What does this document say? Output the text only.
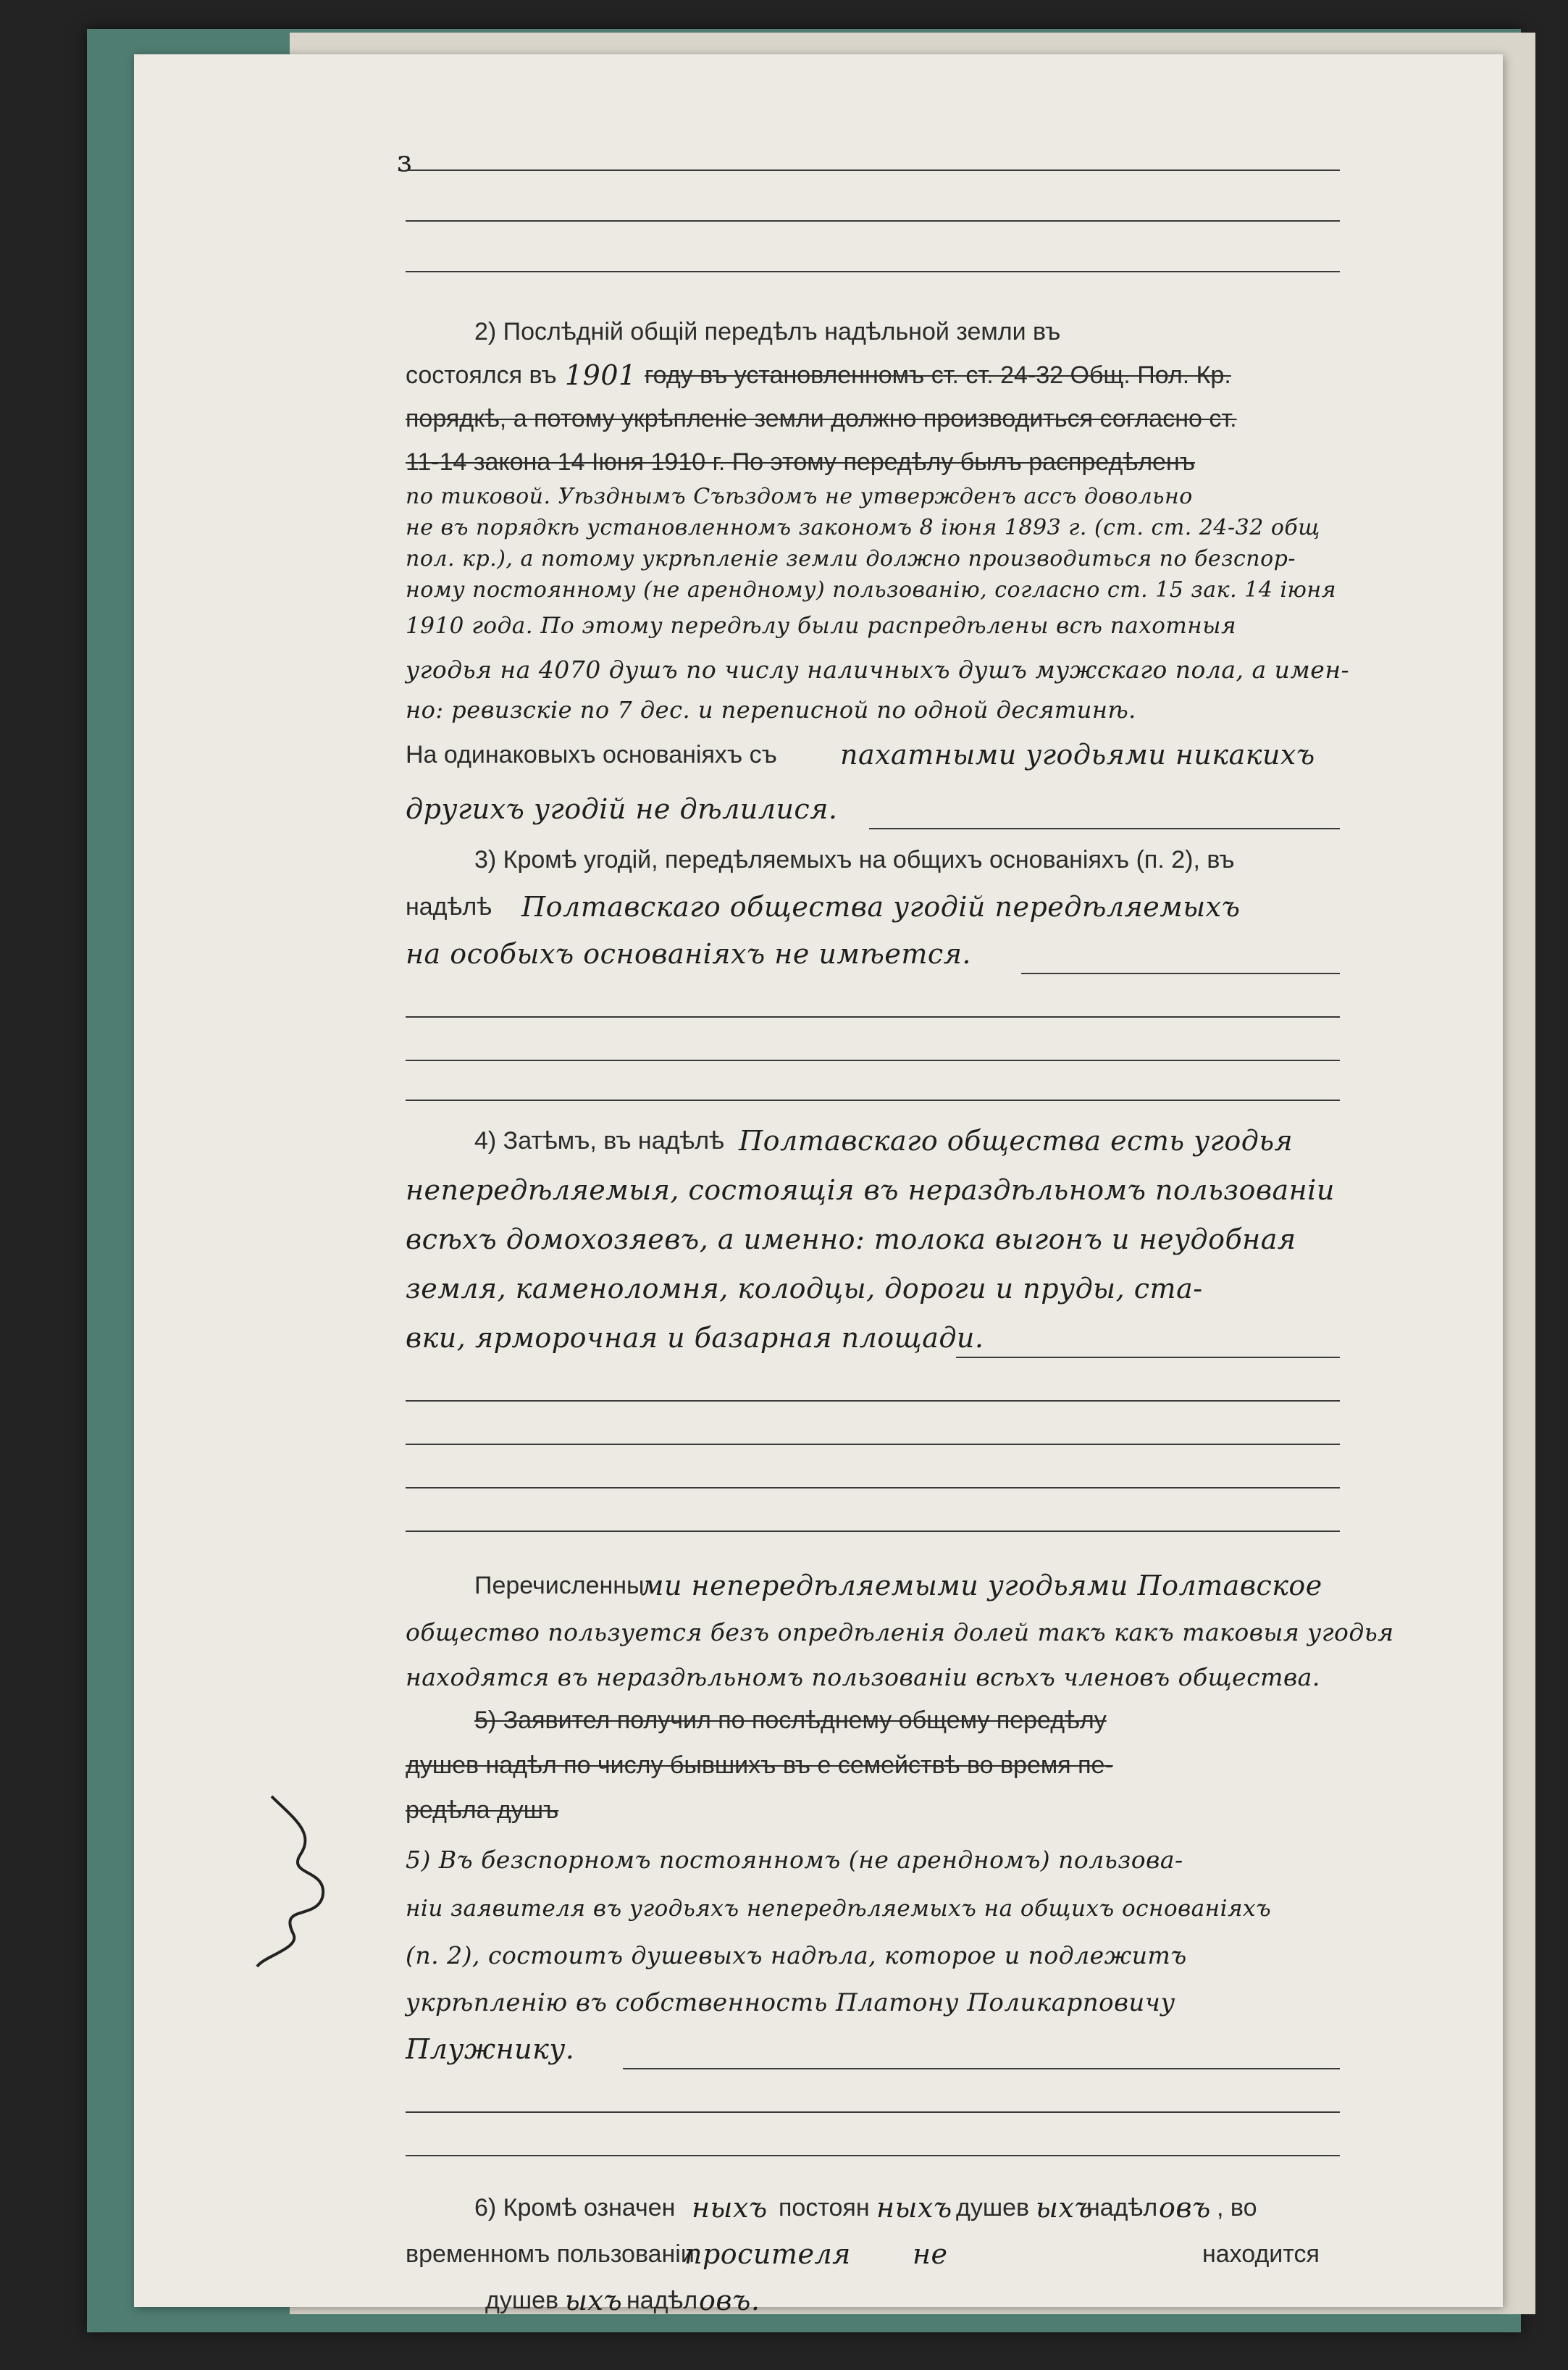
ɜ
2) Послѣдній общій передѣлъ надѣльной земли въ
состоялся въ 1901 году въ установленномъ ст. ст. 24-32 Общ. Пол. Кр.
порядкѣ, а потому укрѣпленіе земли должно производиться согласно ст.
11-14 закона 14 Іюня 1910 г. По этому передѣлу былъ распредѣленъ
по тиковой. Уѣзднымъ Съѣздомъ не утвержденъ ассъ довольно
не въ порядкѣ установленномъ закономъ 8 іюня 1893 г. (ст. ст. 24-32 общ
пол. кр.), а потому укрѣпленіе земли должно производиться по безспор-
ному постоянному (не арендному) пользованію, согласно ст. 15 зак. 14 іюня
1910 года. По этому передѣлу были распредѣлены всѣ пахотныя
угодья на 4070 душъ по числу наличныхъ душъ мужскаго пола, а имен-
но: ревизскіе по 7 дес. и переписной по одной десятинѣ.
На одинаковыхъ основаніяхъ съ пахатными угодьями никакихъ
другихъ угодій не дѣлилися.
3) Кромѣ угодій, передѣляемыхъ на общихъ основаніяхъ (п. 2), въ
надѣлѣ Полтавскаго общества угодій передѣляемыхъ
на особыхъ основаніяхъ не имѣется.
4) Затѣмъ, въ надѣлѣ Полтавскаго общества есть угодья
непередѣляемыя, состоящія въ нераздѣльномъ пользованіи
всѣхъ домохозяевъ, а именно: толока выгонъ и неудобная
земля, каменоломня, колодцы, дороги и пруды, ста-
вки, ярморочная и базарная площади.
Перечисленны
ми непередѣляемыми угодьями Полтавское
общество пользуется безъ опредѣленія долей такъ какъ таковыя угодья
находятся въ нераздѣльномъ пользованіи всѣхъ членовъ общества.
5) Заявител получил по послѣднему общему передѣлу
душев надѣл по числу бывшихъ въ е семействѣ во время пе-
редѣла душъ
5) Въ безспорномъ постоянномъ (не арендномъ) пользова-
ніи заявителя въ угодьяхъ непередѣляемыхъ на общихъ основаніяхъ
(п. 2), состоитъ душевыхъ надѣла, которое и подлежитъ
укрѣпленію въ собственность Платону Поликарповичу
Плужнику.
6) Кромѣ означен ныхъ постоян ныхъ душев ыхъ
надѣл овъ , во
временномъ пользованіи
просителя не	находится
душев ыхъ надѣл овъ.
